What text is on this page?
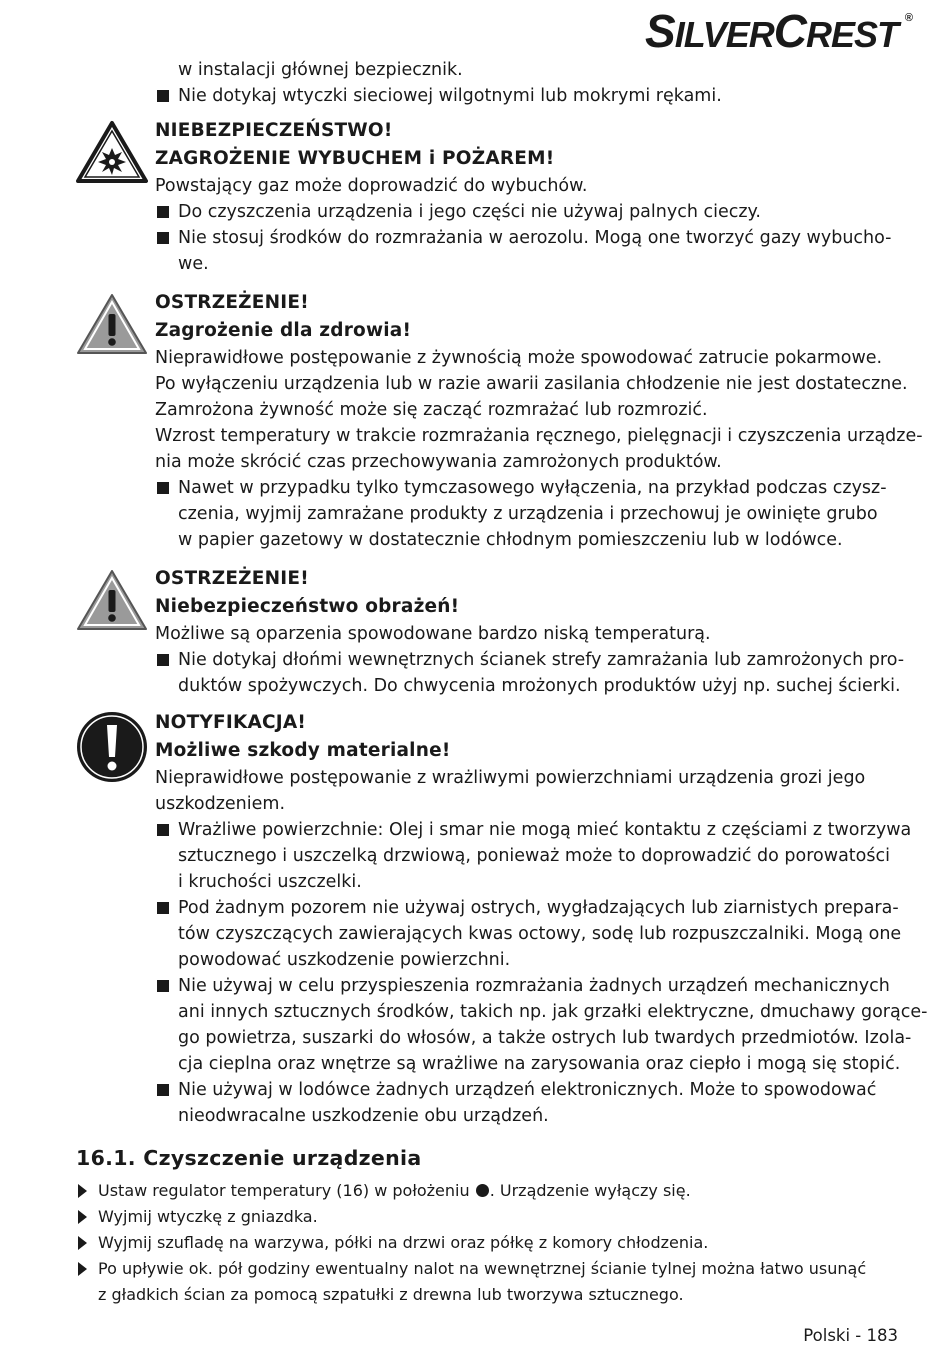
SILVERCREST ®

w instalacji głównej bezpiecznik.

Nie dotykaj wtyczki sieciowej wilgotnymi lub mokrymi rękami.

NIEBEZPIECZEŃSTWO!

ZAGROŻENIE WYBUCHEM i POŻAREM!

Powstający gaz może doprowadzić do wybuchów.

Do czyszczenia urządzenia i jego części nie używaj palnych cieczy.

Nie stosuj środków do rozmrażania w aerozolu. Mogą one tworzyć gazy wybucho-

we.

OSTRZEŻENIE!

Zagrożenie dla zdrowia!

Nieprawidłowe postępowanie z żywnością może spowodować zatrucie pokarmowe.

Po wyłączeniu urządzenia lub w razie awarii zasilania chłodzenie nie jest dostateczne.

Zamrożona żywność może się zacząć rozmrażać lub rozmrozić.

Wzrost temperatury w trakcie rozmrażania ręcznego, pielęgnacji i czyszczenia urządze-

nia może skrócić czas przechowywania zamrożonych produktów.

Nawet w przypadku tylko tymczasowego wyłączenia, na przykład podczas czysz-

czenia, wyjmij zamrażane produkty z urządzenia i przechowuj je owinięte grubo

w papier gazetowy w dostatecznie chłodnym pomieszczeniu lub w lodówce.

OSTRZEŻENIE!

Niebezpieczeństwo obrażeń!

Możliwe są oparzenia spowodowane bardzo niską temperaturą.

Nie dotykaj dłońmi wewnętrznych ścianek strefy zamrażania lub zamrożonych pro-

duktów spożywczych. Do chwycenia mrożonych produktów użyj np. suchej ścierki.

NOTYFIKACJA!

Możliwe szkody materialne!

Nieprawidłowe postępowanie z wrażliwymi powierzchniami urządzenia grozi jego

uszkodzeniem.

Wrażliwe powierzchnie: Olej i smar nie mogą mieć kontaktu z częściami z tworzywa

sztucznego i uszczelką drzwiową, ponieważ może to doprowadzić do porowatości

i kruchości uszczelki.

Pod żadnym pozorem nie używaj ostrych, wygładzających lub ziarnistych prepara-

tów czyszczących zawierających kwas octowy, sodę lub rozpuszczalniki. Mogą one

powodować uszkodzenie powierzchni.

Nie używaj w celu przyspieszenia rozmrażania żadnych urządzeń mechanicznych

ani innych sztucznych środków, takich np. jak grzałki elektryczne, dmuchawy gorące-

go powietrza, suszarki do włosów, a także ostrych lub twardych przedmiotów. Izola-

cja cieplna oraz wnętrze są wrażliwe na zarysowania oraz ciepło i mogą się stopić.

Nie używaj w lodówce żadnych urządzeń elektronicznych. Może to spowodować

nieodwracalne uszkodzenie obu urządzeń.

16.1. Czyszczenie urządzenia

Ustaw regulator temperatury (16) w położeniu . Urządzenie wyłączy się.

Wyjmij wtyczkę z gniazdka.

Wyjmij szufladę na warzywa, półki na drzwi oraz półkę z komory chłodzenia.

Po upływie ok. pół godziny ewentualny nalot na wewnętrznej ścianie tylnej można łatwo usunąć

z gładkich ścian za pomocą szpatułki z drewna lub tworzywa sztucznego.

Polski - 183
